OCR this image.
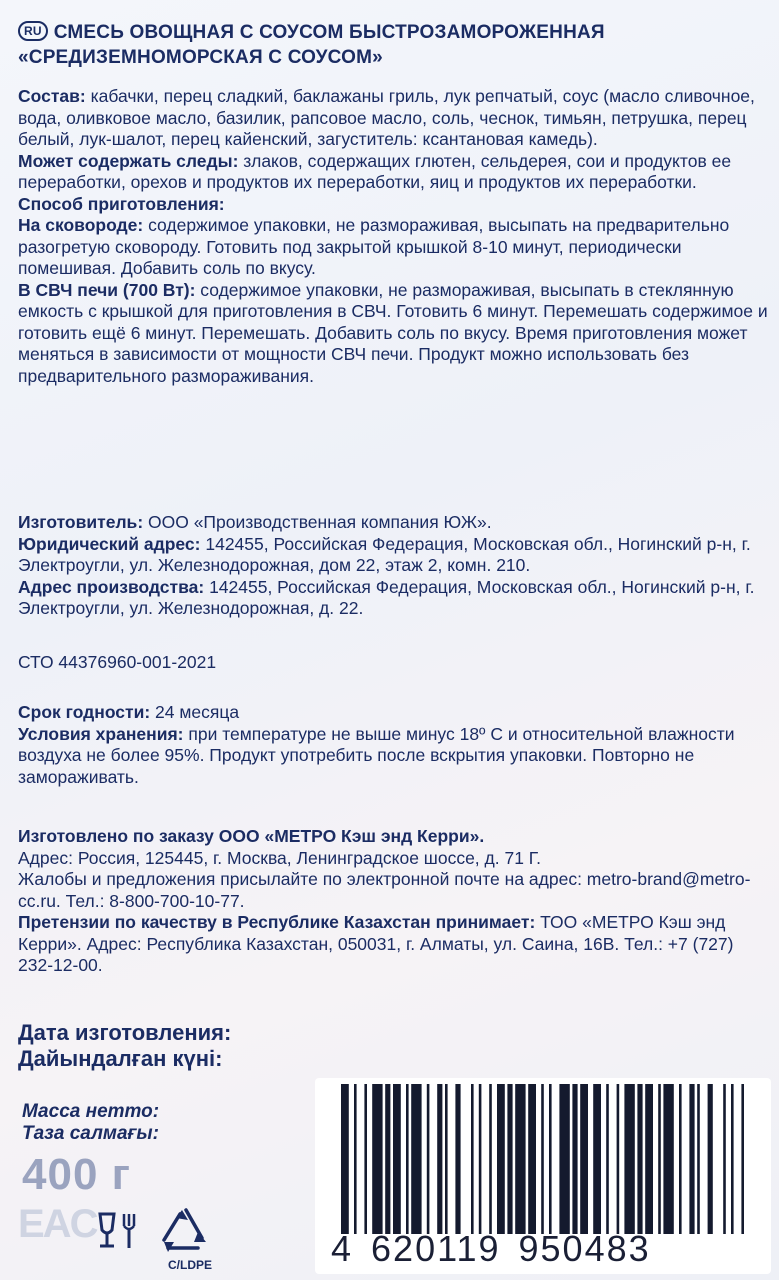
RU СМЕСЬ ОВОЩНАЯ С СОУСОМ БЫСТРОЗАМОРОЖЕННАЯ
«СРЕДИЗЕМНОМОРСКАЯ С СОУСОМ»

Состав: кабачки, перец сладкий, баклажаны гриль, лук репчатый, соус (масло сливочное, вода, оливковое масло, базилик, рапсовое масло, соль, чеснок, тимьян, петрушка, перец белый, лук-шалот, перец кайенский, загуститель: ксантановая камедь).

Может содержать следы: злаков, содержащих глютен, сельдерея, сои и продуктов ее переработки, орехов и продуктов их переработки, яиц и продуктов их переработки.

Способ приготовления:

На сковороде: содержимое упаковки, не размораживая, высыпать на предварительно разогретую сковороду. Готовить под закрытой крышкой 8-10 минут, периодически помешивая. Добавить соль по вкусу.

В СВЧ печи (700 Вт): содержимое упаковки, не размораживая, высыпать в стеклянную емкость с крышкой для приготовления в СВЧ. Готовить 6 минут. Перемешать содержимое и готовить ещё 6 минут. Перемешать. Добавить соль по вкусу. Время приготовления может меняться в зависимости от мощности СВЧ печи. Продукт можно использовать без предварительного размораживания.

Изготовитель: ООО «Производственная компания ЮЖ».

Юридический адрес: 142455, Российская Федерация, Московская обл., Ногинский р-н, г. Электроугли, ул. Железнодорожная, дом 22, этаж 2, комн. 210.

Адрес производства: 142455, Российская Федерация, Московская обл., Ногинский р-н, г. Электроугли, ул. Железнодорожная, д. 22.

СТО 44376960-001-2021

Срок годности: 24 месяца

Условия хранения: при температуре не выше минус 18º С и относительной влажности воздуха не более 95%. Продукт употребить после вскрытия упаковки. Повторно не замораживать.

Изготовлено по заказу ООО «МЕТРО Кэш энд Керри».

Адрес: Россия, 125445, г. Москва, Ленинградское шоссе, д. 71 Г.

Жалобы и предложения присылайте по электронной почте на адрес: metro-brand@metro-cc.ru. Тел.: 8-800-700-10-77.

Претензии по качеству в Республике Казахстан принимает: ТОО «МЕТРО Кэш энд Керри». Адрес: Республика Казахстан, 050031, г. Алматы, ул. Саина, 16В. Тел.: +7 (727) 232-12-00.

Дата изготовления:
Дайындалған күні:
Масса нетто:
Таза салмағы:
400 г
EAC
C/LDPE	4 620119 950483
